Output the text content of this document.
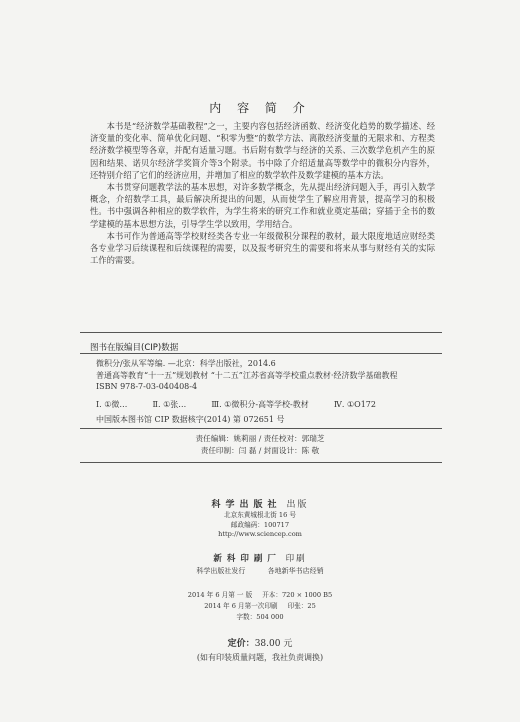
内 容 简 介

本书是“经济数学基础教程”之一，主要内容包括经济函数、经济变化趋势的数学描述、经济变量的变化率、简单优化问题、“积零为整”的数学方法、离散经济变量的无限求和、方程类经济数学模型等各章，并配有适量习题。书后附有数学与经济的关系、三次数学危机产生的原因和结果、诺贝尔经济学奖简介等3个附录。书中除了介绍适量高等数学中的微积分内容外，还特别介绍了它们的经济应用，并增加了相应的数学软件及数学建模的基本方法。

本书贯穿问题教学法的基本思想，对许多数学概念，先从提出经济问题入手，再引入数学概念，介绍数学工具，最后解决所提出的问题，从而使学生了解应用背景，提高学习的积极性。书中强调各种相应的数学软件，为学生将来的研究工作和就业奠定基础；穿插于全书的数学建模的基本思想方法，引导学生学以致用，学用结合。

本书可作为普通高等学校财经类各专业一年级微积分课程的教材，最大限度地适应财经类各专业学习后续课程和后续课程的需要，以及报考研究生的需要和将来从事与财经有关的实际工作的需要。

图书在版编目(CIP)数据
微积分/张从军等编. —北京：科学出版社，2014.6
普通高等教育“十一五”规划教材 “十二五”江苏省高等学校重点教材·经济数学基础教程
ISBN 978-7-03-040408-4
Ⅰ. ①微…	Ⅱ. ①张…	Ⅲ. ①微积分-高等学校-教材	Ⅳ. ①O172
中国版本图书馆 CIP 数据核字(2014) 第 072651 号
责任编辑：姚莉丽 / 责任校对：郭瑞芝
责任印制：闫 磊 / 封面设计：陈 敬
科学出版社 出版
北京东黄城根北街 16 号
邮政编码：100717
http://www.sciencep.com
新科印刷厂 印刷
科学出版社发行	各地新华书店经销
2014 年 6 月第 一 版 开本：720 × 1000 B5
2014 年 6 月第一次印刷 印张：25
字数：504 000
定价：38.00 元
(如有印装质量问题，我社负责调换)
